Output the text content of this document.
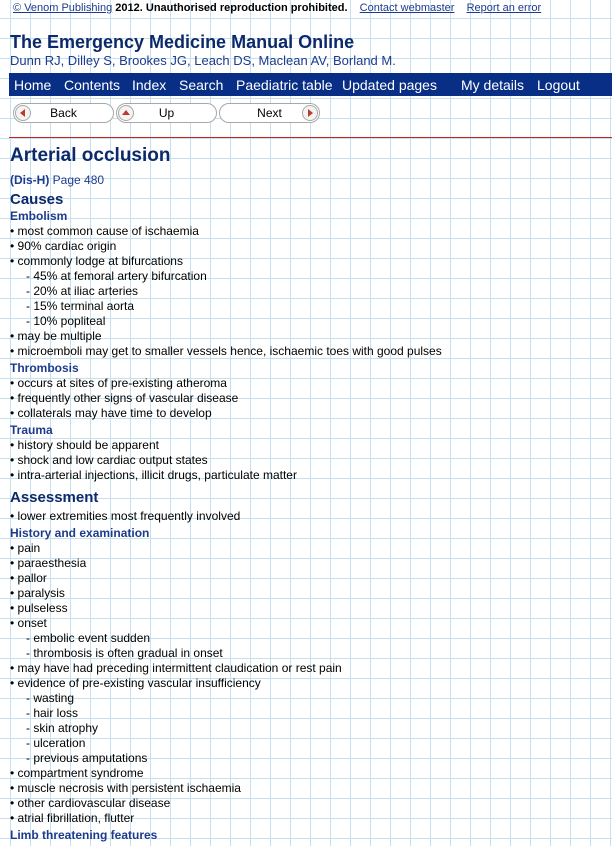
© Venom Publishing 2012. Unauthorised reproduction prohibited. Contact webmaster Report an error
The Emergency Medicine Manual Online
Dunn RJ, Dilley S, Brookes JG, Leach DS, Maclean AV, Borland M.
Home Contents Index Search Paediatric table Updated pages My details Logout
Back	Up	Next
Arterial occlusion
(Dis-H) Page 480
Causes
Embolism
• most common cause of ischaemia
• 90% cardiac origin
• commonly lodge at bifurcations
- 45% at femoral artery bifurcation
- 20% at iliac arteries
- 15% terminal aorta
- 10% popliteal
• may be multiple
• microemboli may get to smaller vessels hence, ischaemic toes with good pulses
Thrombosis
• occurs at sites of pre-existing atheroma
• frequently other signs of vascular disease
• collaterals may have time to develop
Trauma
• history should be apparent
• shock and low cardiac output states
• intra-arterial injections, illicit drugs, particulate matter
Assessment
• lower extremities most frequently involved
History and examination
• pain
• paraesthesia
• pallor
• paralysis
• pulseless
• onset
- embolic event sudden
- thrombosis is often gradual in onset
• may have had preceding intermittent claudication or rest pain
• evidence of pre-existing vascular insufficiency
- wasting
- hair loss
- skin atrophy
- ulceration
- previous amputations
• compartment syndrome
• muscle necrosis with persistent ischaemia
• other cardiovascular disease
• atrial fibrillation, flutter
Limb threatening features
